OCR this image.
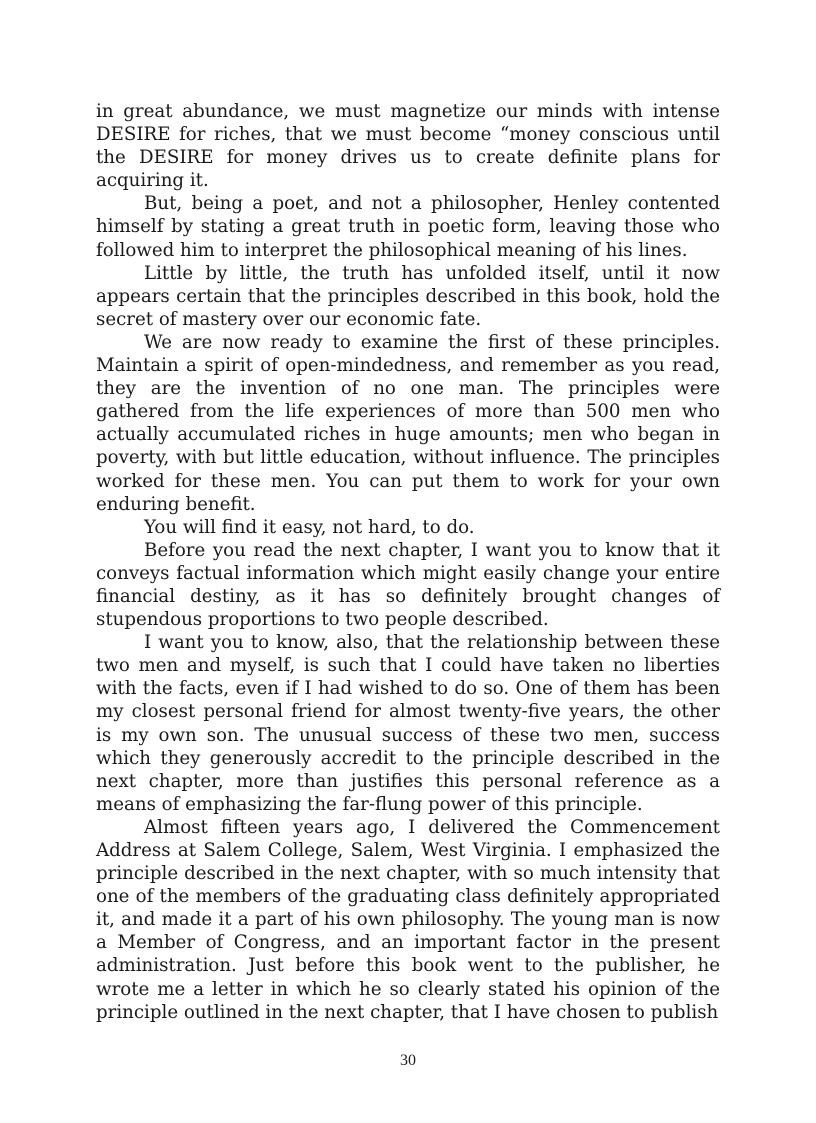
in great abundance, we must magnetize our minds with intense DESIRE for riches, that we must become “money conscious until the DESIRE for money drives us to create definite plans for acquiring it.

But, being a poet, and not a philosopher, Henley contented himself by stating a great truth in poetic form, leaving those who followed him to interpret the philosophical meaning of his lines.

Little by little, the truth has unfolded itself, until it now appears certain that the principles described in this book, hold the secret of mastery over our economic fate.

We are now ready to examine the first of these principles. Maintain a spirit of open-mindedness, and remember as you read, they are the invention of no one man. The principles were gathered from the life experiences of more than 500 men who actually accumulated riches in huge amounts; men who began in poverty, with but little education, without influence. The principles worked for these men. You can put them to work for your own enduring benefit.

You will find it easy, not hard, to do.

Before you read the next chapter, I want you to know that it conveys factual information which might easily change your entire financial destiny, as it has so definitely brought changes of stupendous proportions to two people described.

I want you to know, also, that the relationship between these two men and myself, is such that I could have taken no liberties with the facts, even if I had wished to do so. One of them has been my closest personal friend for almost twenty-five years, the other is my own son. The unusual success of these two men, success which they generously accredit to the principle described in the next chapter, more than justifies this personal reference as a means of emphasizing the far-flung power of this principle.

Almost fifteen years ago, I delivered the Commencement Address at Salem College, Salem, West Virginia. I emphasized the principle described in the next chapter, with so much intensity that one of the members of the graduating class definitely appropriated it, and made it a part of his own philosophy. The young man is now a Member of Congress, and an important factor in the present administration. Just before this book went to the publisher, he wrote me a letter in which he so clearly stated his opinion of the principle outlined in the next chapter, that I have chosen to publish

30
